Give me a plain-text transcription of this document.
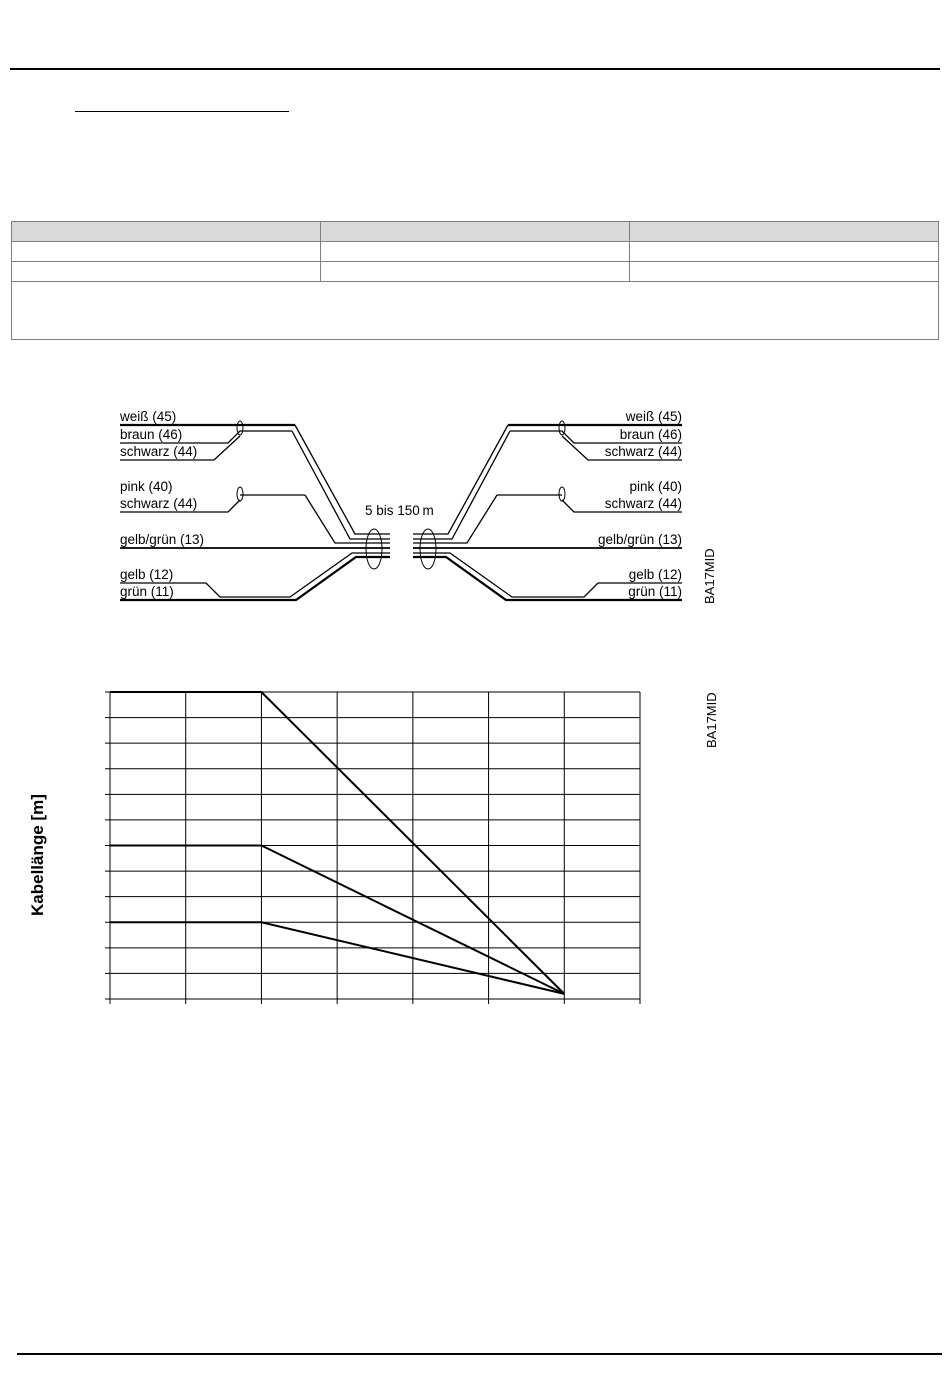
weiß (45)
braun (46)
schwarz (44)
pink (40)
schwarz (44)
gelb/grün (13)
gelb (12)
grün (11)
weiß (45)
braun (46)
schwarz (44)
pink (40)
schwarz (44)
gelb/grün (13)
gelb (12)
grün (11)
5 bis 150 m
BA17MID
Kabellänge [m]
BA17MID
